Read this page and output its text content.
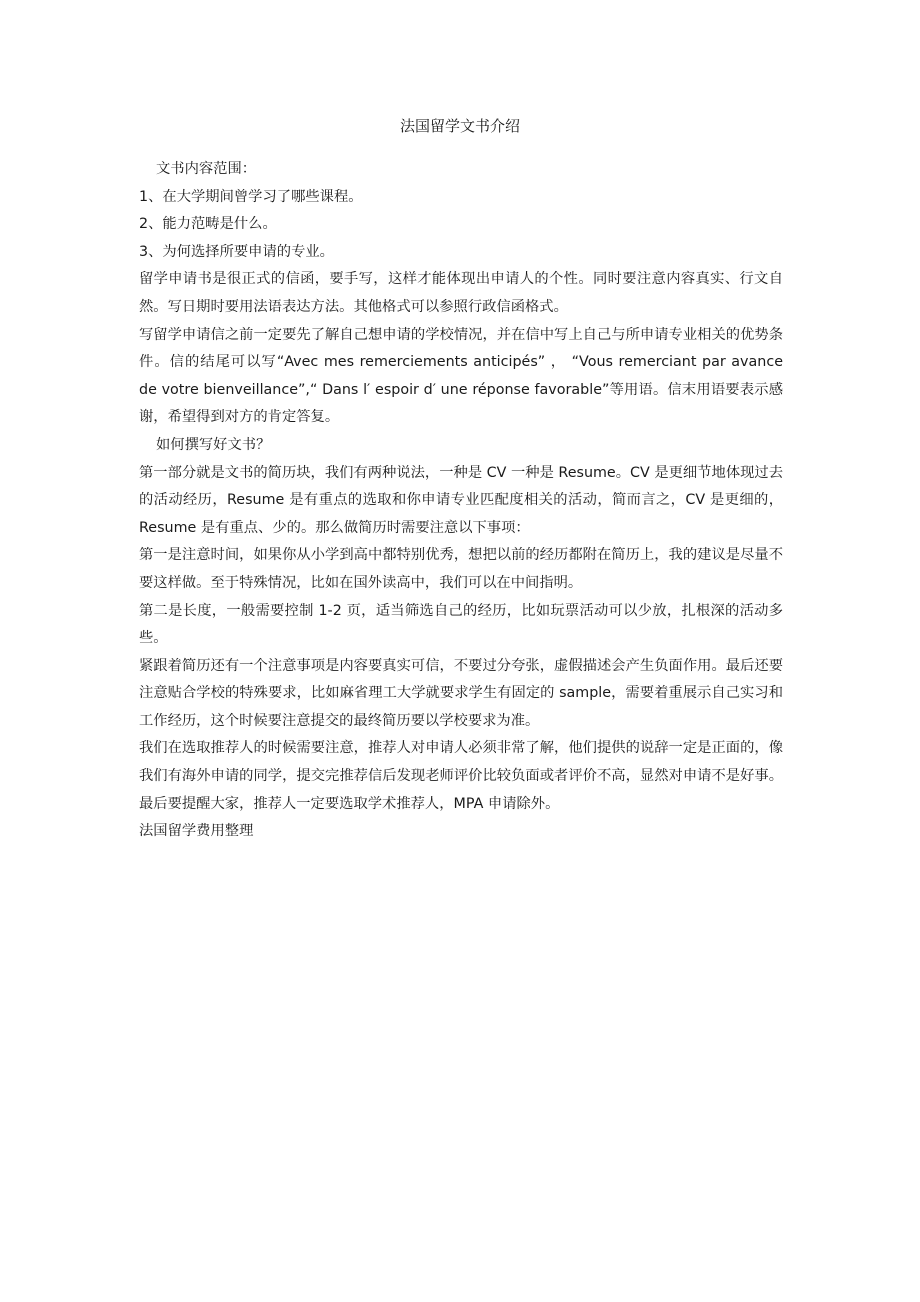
法国留学文书介绍

文书内容范围：

1、在大学期间曾学习了哪些课程。

2、能力范畴是什么。

3、为何选择所要申请的专业。

留学申请书是很正式的信函，要手写，这样才能体现出申请人的个性。同时要注意内容真实、行文自然。写日期时要用法语表达方法。其他格式可以参照行政信函格式。

写留学申请信之前一定要先了解自己想申请的学校情况，并在信中写上自己与所申请专业相关的优势条件。信的结尾可以写“Avec mes remerciements anticipés” ， “Vous remerciant par avance de votre bienveillance”,“ Dans l′ espoir d′ une réponse favorable”等用语。信末用语要表示感谢，希望得到对方的肯定答复。

如何撰写好文书？

第一部分就是文书的简历块，我们有两种说法，一种是 CV 一种是 Resume。CV 是更细节地体现过去的活动经历，Resume 是有重点的选取和你申请专业匹配度相关的活动，简而言之，CV 是更细的，Resume 是有重点、少的。那么做简历时需要注意以下事项：

第一是注意时间，如果你从小学到高中都特别优秀，想把以前的经历都附在简历上，我的建议是尽量不要这样做。至于特殊情况，比如在国外读高中，我们可以在中间指明。

第二是长度，一般需要控制 1-2 页，适当筛选自己的经历，比如玩票活动可以少放，扎根深的活动多些。

紧跟着简历还有一个注意事项是内容要真实可信，不要过分夸张，虚假描述会产生负面作用。最后还要注意贴合学校的特殊要求，比如麻省理工大学就要求学生有固定的 sample，需要着重展示自己实习和工作经历，这个时候要注意提交的最终简历要以学校要求为准。

我们在选取推荐人的时候需要注意，推荐人对申请人必须非常了解，他们提供的说辞一定是正面的，像我们有海外申请的同学，提交完推荐信后发现老师评价比较负面或者评价不高，显然对申请不是好事。最后要提醒大家，推荐人一定要选取学术推荐人，MPA 申请除外。

法国留学费用整理
